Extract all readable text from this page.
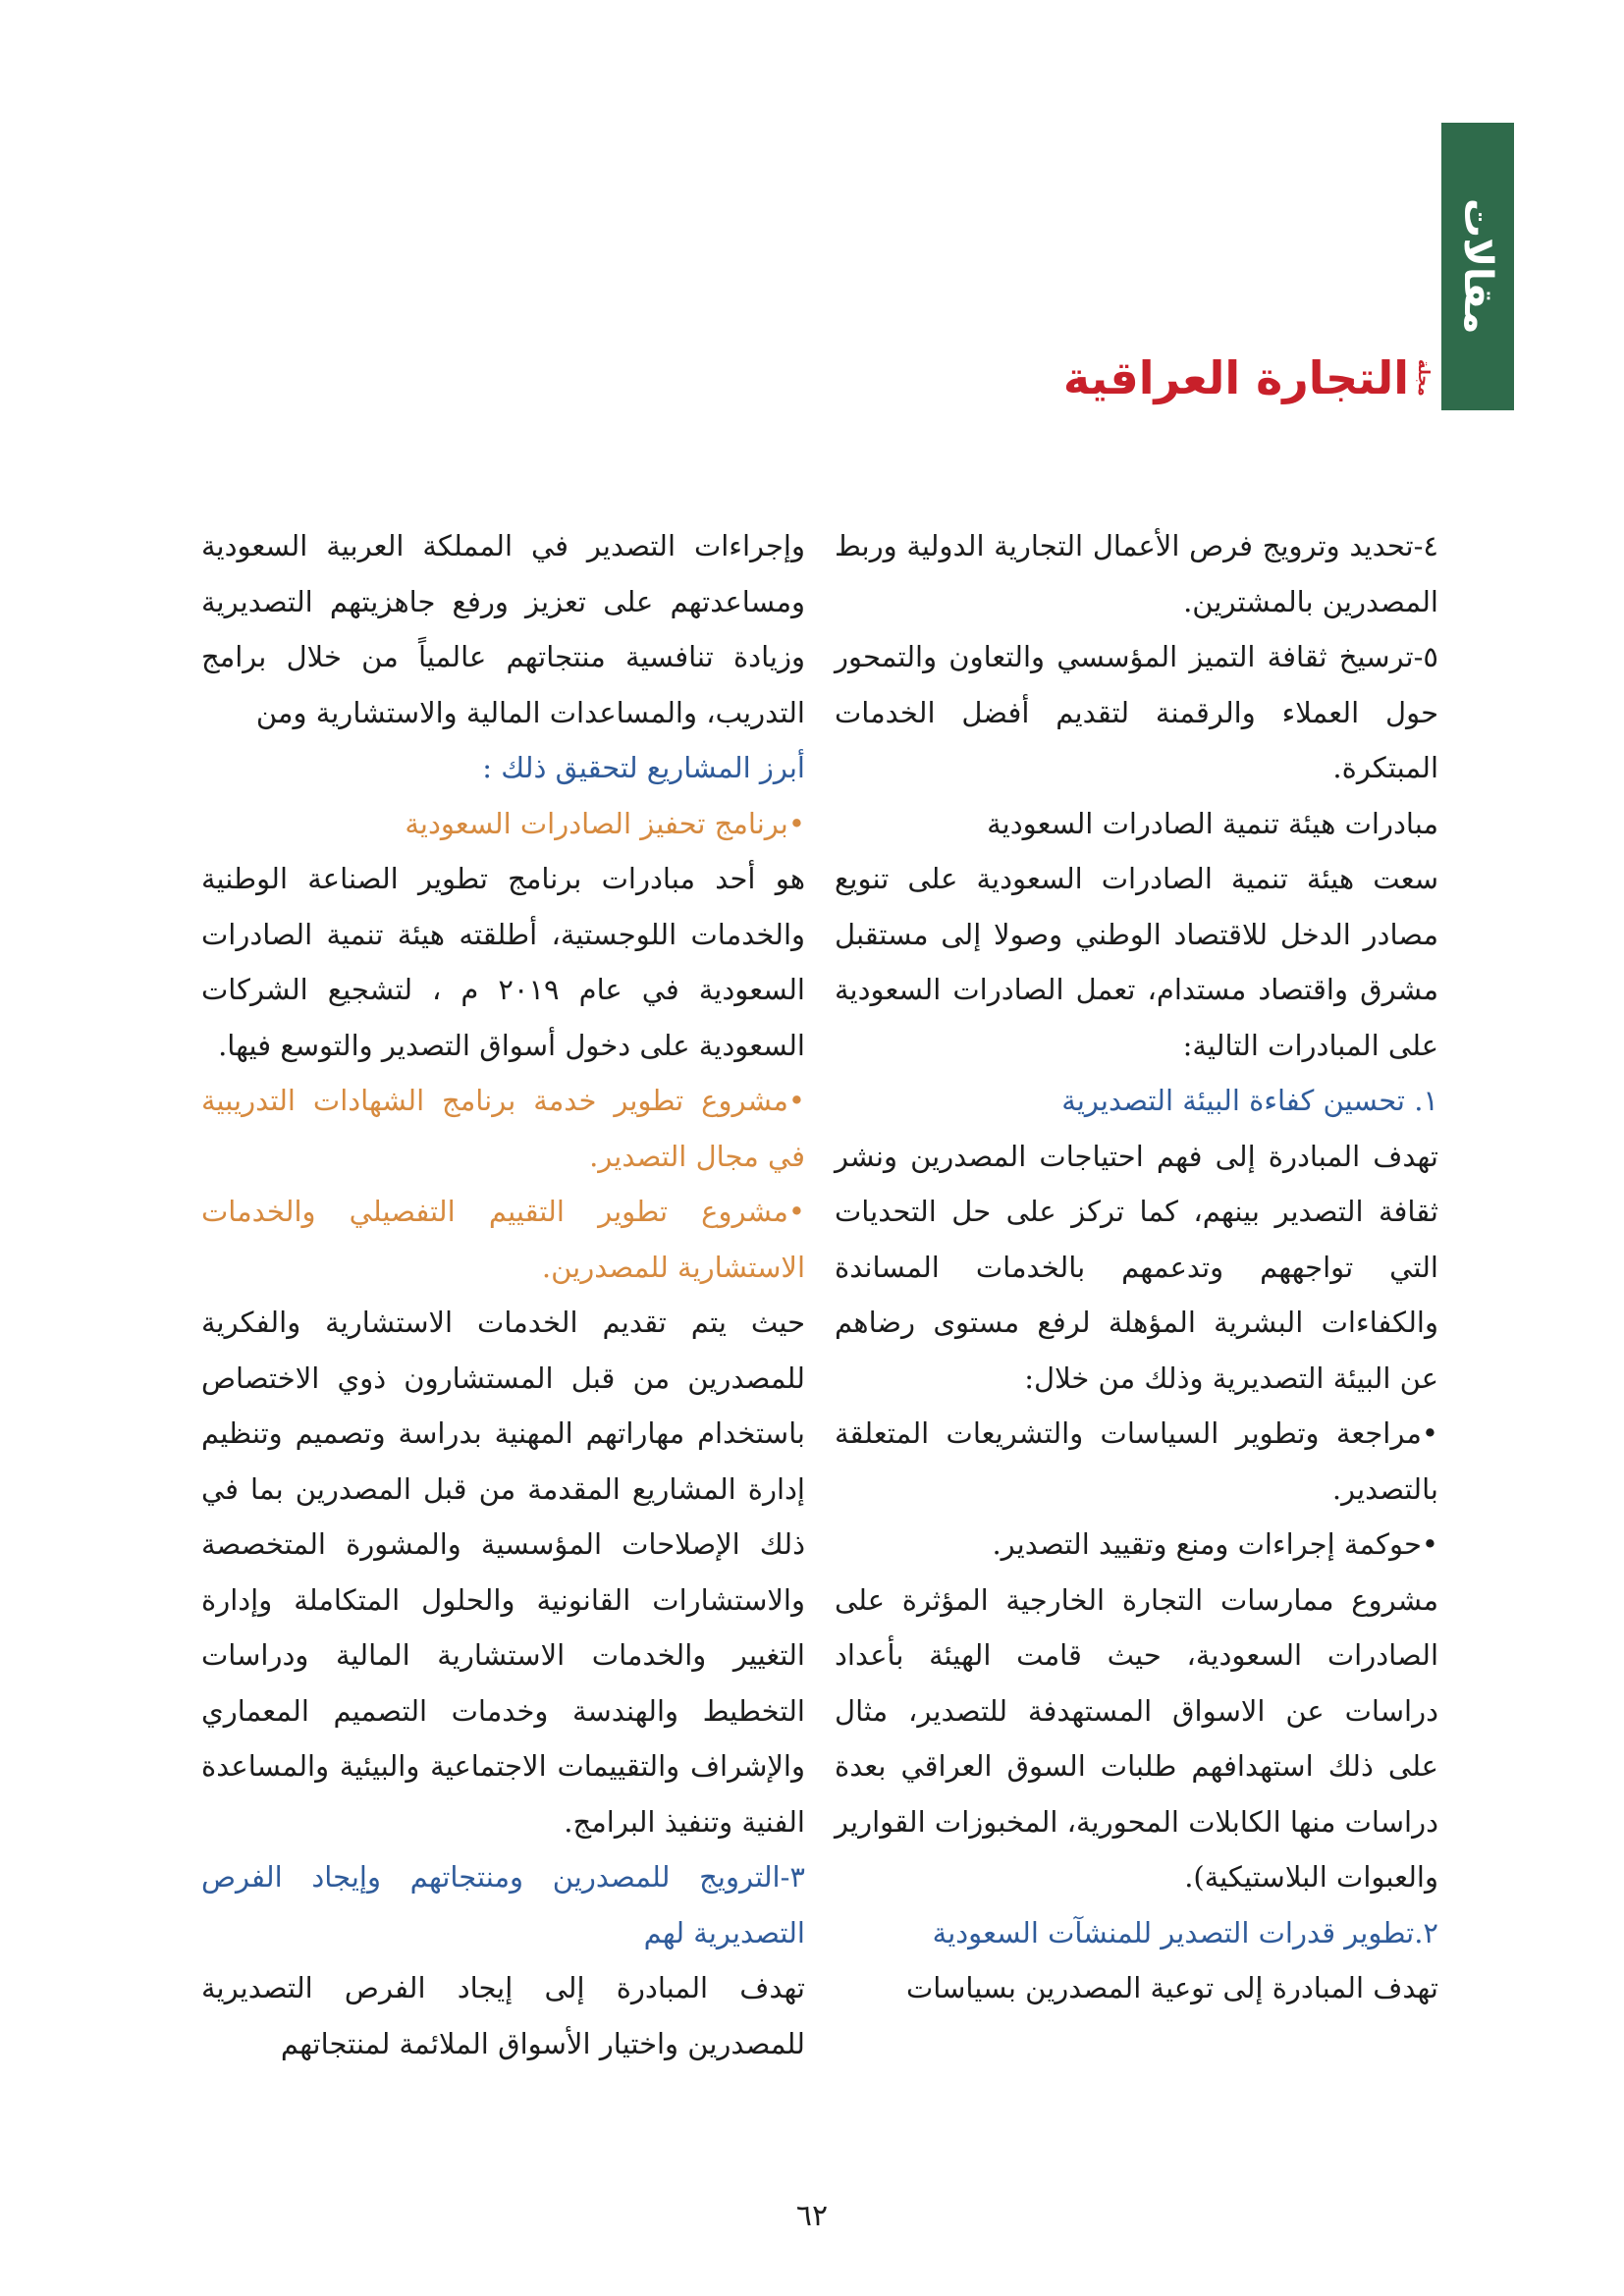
مقالات
مجلة
التجارة العراقية

٤-تحديد وترويج فرص الأعمال التجارية الدولية وربط المصدرين بالمشترين.

٥-ترسيخ ثقافة التميز المؤسسي والتعاون والتمحور حول العملاء والرقمنة لتقديم أفضل الخدمات المبتكرة.

مبادرات هيئة تنمية الصادرات السعودية

سعت هيئة تنمية الصادرات السعودية على تنويع مصادر الدخل للاقتصاد الوطني وصولا إلى مستقبل مشرق واقتصاد مستدام، تعمل الصادرات السعودية على المبادرات التالية:

١. تحسين كفاءة البيئة التصديرية

تهدف المبادرة إلى فهم احتياجات المصدرين ونشر ثقافة التصدير بينهم، كما تركز على حل التحديات التي تواجههم وتدعمهم بالخدمات المساندة والكفاءات البشرية المؤهلة لرفع مستوى رضاهم عن البيئة التصديرية وذلك من خلال:

•مراجعة وتطوير السياسات والتشريعات المتعلقة بالتصدير.

•حوكمة إجراءات ومنع وتقييد التصدير.

مشروع ممارسات التجارة الخارجية المؤثرة على الصادرات السعودية، حيث قامت الهيئة بأعداد دراسات عن الاسواق المستهدفة للتصدير، مثال على ذلك استهدافهم طلبات السوق العراقي بعدة دراسات منها الكابلات المحورية، المخبوزات القوارير والعبوات البلاستيكية).

٢.تطوير قدرات التصدير للمنشآت السعودية

تهدف المبادرة إلى توعية المصدرين بسياسات

وإجراءات التصدير في المملكة العربية السعودية ومساعدتهم على تعزيز ورفع جاهزيتهم التصديرية وزيادة تنافسية منتجاتهم عالمياً من خلال برامج التدريب، والمساعدات المالية والاستشارية ومن

أبرز المشاريع لتحقيق ذلك :

•برنامج تحفيز الصادرات السعودية

هو أحد مبادرات برنامج تطوير الصناعة الوطنية والخدمات اللوجستية، أطلقته هيئة تنمية الصادرات السعودية في عام ٢٠١٩ م ، لتشجيع الشركات السعودية على دخول أسواق التصدير والتوسع فيها.

•مشروع تطوير خدمة برنامج الشهادات التدريبية في مجال التصدير.

•مشروع تطوير التقييم التفصيلي والخدمات الاستشارية للمصدرين.

حيث يتم تقديم الخدمات الاستشارية والفكرية للمصدرين من قبل المستشارون ذوي الاختصاص باستخدام مهاراتهم المهنية بدراسة وتصميم وتنظيم إدارة المشاريع المقدمة من قبل المصدرين بما في ذلك الإصلاحات المؤسسية والمشورة المتخصصة والاستشارات القانونية والحلول المتكاملة وإدارة التغيير والخدمات الاستشارية المالية ودراسات التخطيط والهندسة وخدمات التصميم المعماري والإشراف والتقييمات الاجتماعية والبيئية والمساعدة الفنية وتنفيذ البرامج.

٣-الترويج للمصدرين ومنتجاتهم وإيجاد الفرص التصديرية لهم

تهدف المبادرة إلى إيجاد الفرص التصديرية للمصدرين واختيار الأسواق الملائمة لمنتجاتهم

٦٢
